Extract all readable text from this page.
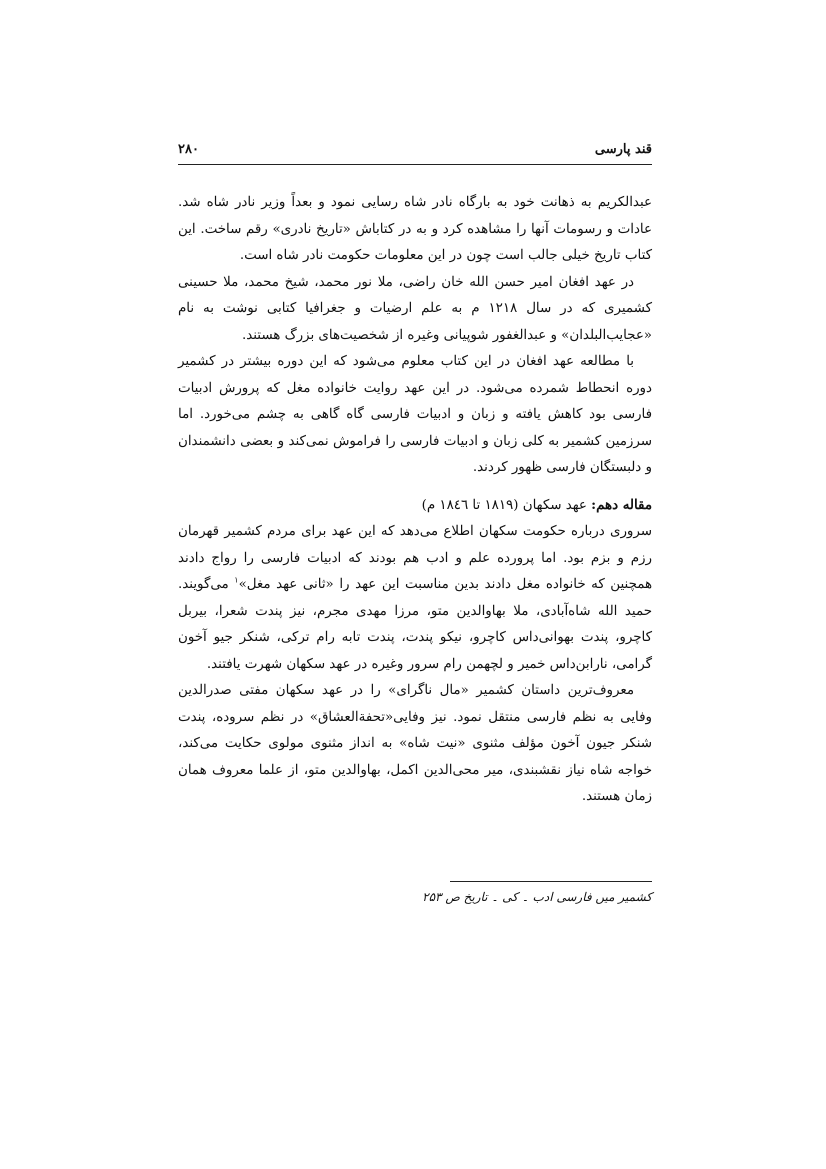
قند پارسی
۲۸۰

عبدالکریم به ذهانت خود به بارگاه نادر شاه رسایی نمود و بعداً وزیر نادر شاه شد. عادات و رسومات آنها را مشاهده کرد و به در کتاباش «تاریخ نادری» رقم ساخت. این کتاب تاریخ خیلی جالب است چون در این معلومات حکومت نادر شاه است.

در عهد افغان امیر حسن الله خان راضی، ملا نور محمد، شیخ محمد، ملا حسینی کشمیری که در سال ۱۲۱۸ م به علم ارضیات و جغرافیا کتابی نوشت به نام «عجایب‌البلدان» و عبدالغفور شوپیانی وغیره از شخصیت‌های بزرگ هستند.

با مطالعه عهد افغان در این کتاب معلوم می‌شود که این دوره بیشتر در کشمیر دوره انحطاط شمرده می‌شود. در این عهد روایت خانواده مغل که پرورش ادبیات فارسی بود کاهش یافته و زبان و ادبیات فارسی گاه گاهی به چشم می‌خورد. اما سرزمین کشمیر به کلی زبان و ادبیات فارسی را فراموش نمی‌کند و بعضی دانشمندان و دلبستگان فارسی ظهور کردند.

مقاله دهم: عهد سکهان (۱۸۱۹ تا ۱۸٤٦ م)

سروری درباره حکومت سکهان اطلاع می‌دهد که این عهد برای مردم کشمیر قهرمان رزم و بزم بود. اما پرورده علم و ادب هم بودند که ادبیات فارسی را رواج دادند همچنین که خانواده مغل دادند بدین مناسبت این عهد را «ثانی عهد مغل»$^۱$ می‌گویند. حمید الله شاه‌آبادی، ملا بهاوالدین متو، مرزا مهدی مجرم، نیز پندت شعرا، بیربل کاچرو، پندت بهوانی‌داس کاچرو، نیکو پندت، پندت تابه رام ترکی، شنکر جیو آخون گرامی، نارابن‌داس خمیر و لچهمن رام سرور وغیره در عهد سکهان شهرت یافتند.

معروف‌ترین داستان کشمیر «مال ناگرای» را در عهد سکهان مفتی صدرالدین وفایی به نظم فارسی منتقل نمود. نیز وفایی«تحفةالعشاق» در نظم سروده، پندت شنکر جیون آخون مؤلف مثنوی «نیت شاه» به انداز مثنوی مولوی حکایت می‌کند، خواجه شاه نیاز نقشبندی، میر محی‌الدین اکمل، بهاوالدین متو، از علما معروف همان زمان هستند.

کشمیر میں فارسی ادب ۔ کی ۔ تاریخ ص ۲۵۳
